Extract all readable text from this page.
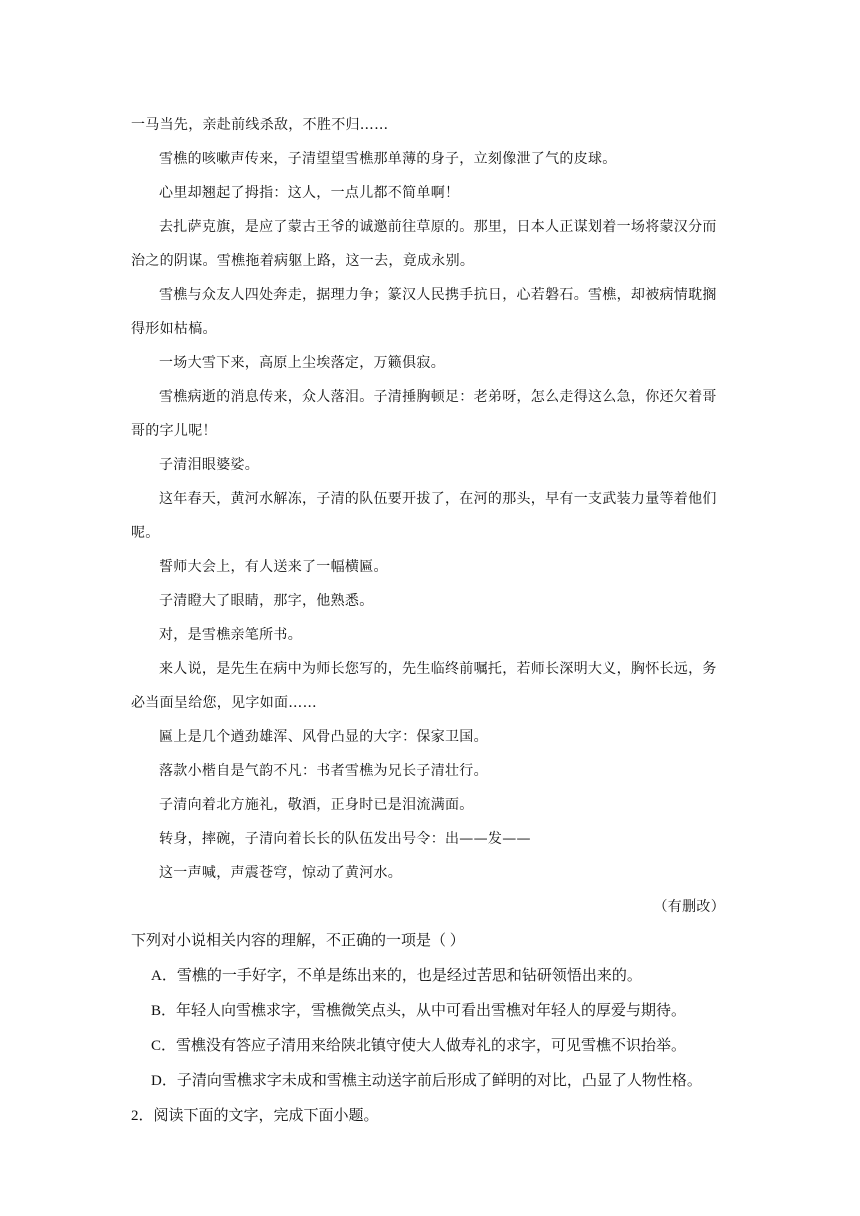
一马当先，亲赴前线杀敌，不胜不归……

雪樵的咳嗽声传来，子清望望雪樵那单薄的身子，立刻像泄了气的皮球。

心里却翘起了拇指：这人，一点儿都不简单啊！

去扎萨克旗，是应了蒙古王爷的诚邀前往草原的。那里，日本人正谋划着一场将蒙汉分而治之的阴谋。雪樵拖着病躯上路，这一去，竟成永别。

雪樵与众友人四处奔走，据理力争；篆汉人民携手抗日，心若磐石。雪樵，却被病情耽搁得形如枯槁。

一场大雪下来，高原上尘埃落定，万籁俱寂。

雪樵病逝的消息传来，众人落泪。子清捶胸顿足：老弟呀，怎么走得这么急，你还欠着哥哥的字儿呢！

子清泪眼婆娑。

这年春天，黄河水解冻，子清的队伍要开拔了，在河的那头，早有一支武装力量等着他们呢。

誓师大会上，有人送来了一幅横匾。

子清瞪大了眼睛，那字，他熟悉。

对，是雪樵亲笔所书。

来人说，是先生在病中为师长您写的，先生临终前嘱托，若师长深明大义，胸怀长远，务必当面呈给您，见字如面……

匾上是几个遒劲雄浑、风骨凸显的大字：保家卫国。

落款小楷自是气韵不凡：书者雪樵为兄长子清壮行。

子清向着北方施礼，敬酒，正身时已是泪流满面。

转身，摔碗，子清向着长长的队伍发出号令：出——发——

这一声喊，声震苍穹，惊动了黄河水。

（有删改）

下列对小说相关内容的理解，不正确的一项是（ ）

A．雪樵的一手好字，不单是练出来的，也是经过苦思和钻研领悟出来的。

B．年轻人向雪樵求字，雪樵微笑点头，从中可看出雪樵对年轻人的厚爱与期待。

C．雪樵没有答应子清用来给陕北镇守使大人做寿礼的求字，可见雪樵不识抬举。

D．子清向雪樵求字未成和雪樵主动送字前后形成了鲜明的对比，凸显了人物性格。

2．阅读下面的文字，完成下面小题。
